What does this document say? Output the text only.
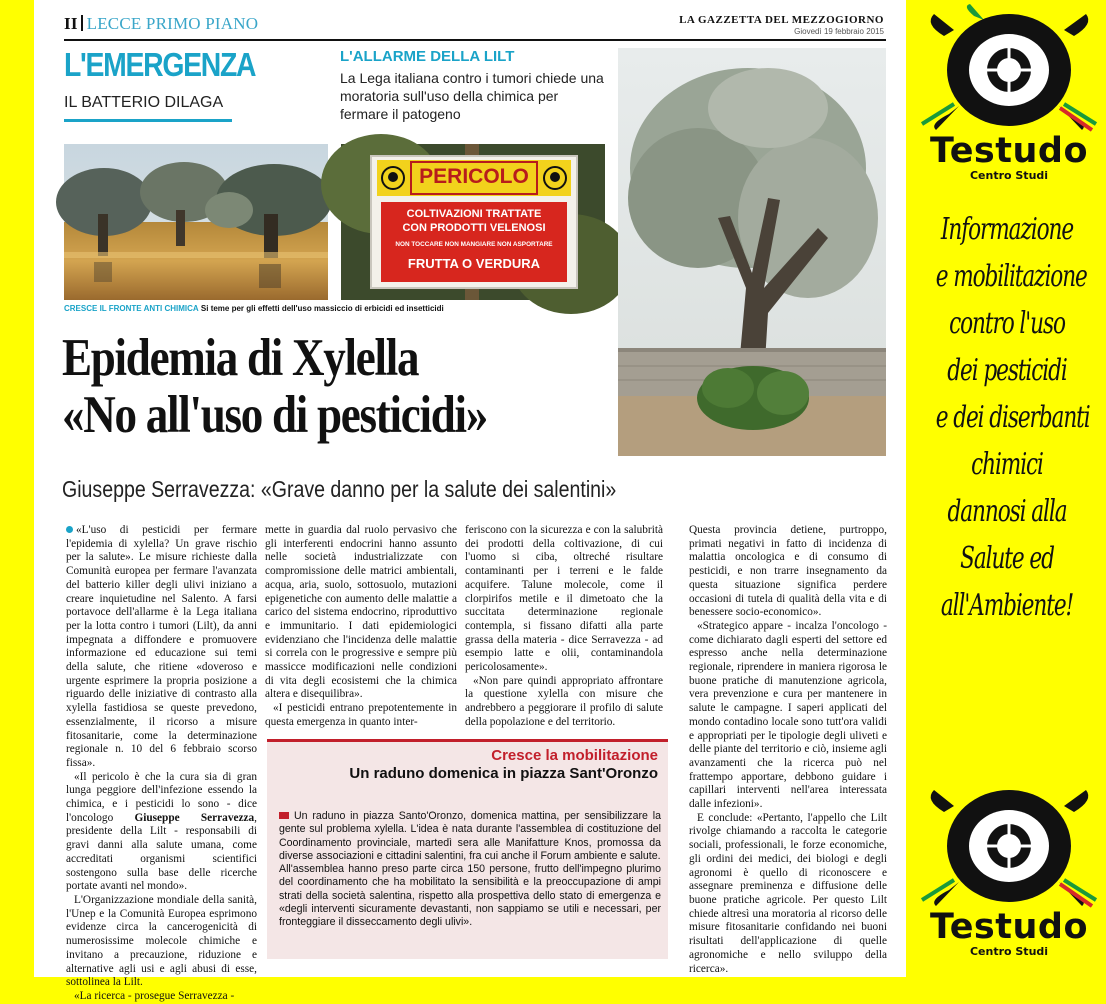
II LECCE PRIMO PIANO	LA GAZZETTA DEL MEZZOGIORNO
Giovedì 19 febbraio 2015
L'EMERGENZA
IL BATTERIO DILAGA
L'ALLARME DELLA LILT
La Lega italiana contro i tumori chiede una moratoria sull'uso della chimica per fermare il patogeno
PERICOLO
COLTIVAZIONI TRATTATE
CON PRODOTTI VELENOSI
NON TOCCARE NON MANGIARE NON ASPORTARE
FRUTTA O VERDURA
CRESCE IL FRONTE ANTI CHIMICA Si teme per gli effetti dell'uso massiccio di erbicidi ed insetticidi
Epidemia di Xylella
«No all'uso di pesticidi»
Giuseppe Serravezza: «Grave danno per la salute dei salentini»

«L'uso di pesticidi per fermare l'epidemia di xylella? Un grave rischio per la salute». Le misure richieste dalla Comunità europea per fermare l'avanzata del batterio killer degli ulivi iniziano a creare inquietudine nel Salento. A farsi portavoce dell'allarme è la Lega italiana per la lotta contro i tumori (Lilt), da anni impegnata a diffondere e promuovere informazione ed educazione sui temi della salute, che ritiene «doveroso e urgente esprimere la propria posizione a riguardo delle iniziative di contrasto alla xylella fastidiosa se queste prevedono, essenzialmente, il ricorso a misure fitosanitarie, come la determinazione regionale n. 10 del 6 febbraio scorso fissa».

«Il pericolo è che la cura sia di gran lunga peggiore dell'infezione essendo la chimica, e i pesticidi lo sono - dice l'oncologo Giuseppe Serravezza, presidente della Lilt - responsabili di gravi danni alla salute umana, come accreditati organismi scientifici sostengono sulla base delle ricerche portate avanti nel mondo».

L'Organizzazione mondiale della sanità, l'Unep e la Comunità Europea esprimono evidenze circa la cancerogenicità di numerosissime molecole chimiche e invitano a precauzione, riduzione e alternative agli usi e agli abusi di esse, sottolinea la Lilt.

«La ricerca - prosegue Serravezza -

mette in guardia dal ruolo pervasivo che gli interferenti endocrini hanno assunto nelle società industrializzate con compromissione delle matrici ambientali, acqua, aria, suolo, sottosuolo, mutazioni epigenetiche con aumento delle malattie a carico del sistema endocrino, riproduttivo e immunitario. I dati epidemiologici evidenziano che l'incidenza delle malattie si correla con le progressive e sempre più massicce modificazioni nelle condizioni di vita degli ecosistemi che la chimica altera e disequilibra».

«I pesticidi entrano prepotentemente in questa emergenza in quanto inter-

feriscono con la sicurezza e con la salubrità dei prodotti della coltivazione, di cui l'uomo si ciba, oltreché risultare contaminanti per i terreni e le falde acquifere. Talune molecole, come il clorpirifos metile e il dimetoato che la succitata determinazione regionale contempla, si fissano difatti alla parte grassa della materia - dice Serravezza - ad esempio latte e olii, contaminandola pericolosamente».

«Non pare quindi appropriato affrontare la questione xylella con misure che andrebbero a peggiorare il profilo di salute della popolazione e del territorio.

Questa provincia detiene, purtroppo, primati negativi in fatto di incidenza di malattia oncologica e di consumo di pesticidi, e non trarre insegnamento da questa situazione significa perdere occasioni di tutela di qualità della vita e di benessere socio-economico».

«Strategico appare - incalza l'oncologo - come dichiarato dagli esperti del settore ed espresso anche nella determinazione regionale, riprendere in maniera rigorosa le buone pratiche di manutenzione agricola, vera prevenzione e cura per mantenere in salute le campagne. I saperi applicati del mondo contadino locale sono tutt'ora validi e appropriati per le tipologie degli uliveti e delle piante del territorio e ciò, insieme agli avanzamenti che la ricerca può nel frattempo apportare, debbono guidare i capillari interventi nell'area interessata dalle infezioni».

E conclude: «Pertanto, l'appello che Lilt rivolge chiamando a raccolta le categorie sociali, professionali, le forze economiche, gli ordini dei medici, dei biologi e degli agronomi è quello di riconoscere e assegnare preminenza e diffusione delle buone pratiche agricole. Per questo Lilt chiede altresì una moratoria al ricorso delle misure fitosanitarie confidando nei buoni risultati dell'applicazione di quelle agronomiche e nello sviluppo della ricerca».

Cresce la mobilitazione
Un raduno domenica in piazza Sant'Oronzo
Un raduno in piazza Santo'Oronzo, domenica mattina, per sensibilizzare la gente sul problema xylella. L'idea è nata durante l'assemblea di costituzione del Coordinamento provinciale, martedì sera alle Manifatture Knos, promossa da diverse associazioni e cittadini salentini, fra cui anche il Forum ambiente e salute.
All'assemblea hanno preso parte circa 150 persone, frutto dell'impegno plurimo del coordinamento che ha mobilitato la sensibilità e la preoccupazione di ampi strati della società salentina, rispetto alla prospettiva dello stato di emergenza e «degli interventi sicuramente devastanti, non sappiamo se utili e necessari, per fronteggiare il disseccamento degli ulivi».
Testudo
Centro Studi
Informazione
e mobilitazione
contro l'uso
dei pesticidi
e dei diserbanti
chimici
dannosi alla
Salute ed
all'Ambiente!
Testudo
Centro Studi
